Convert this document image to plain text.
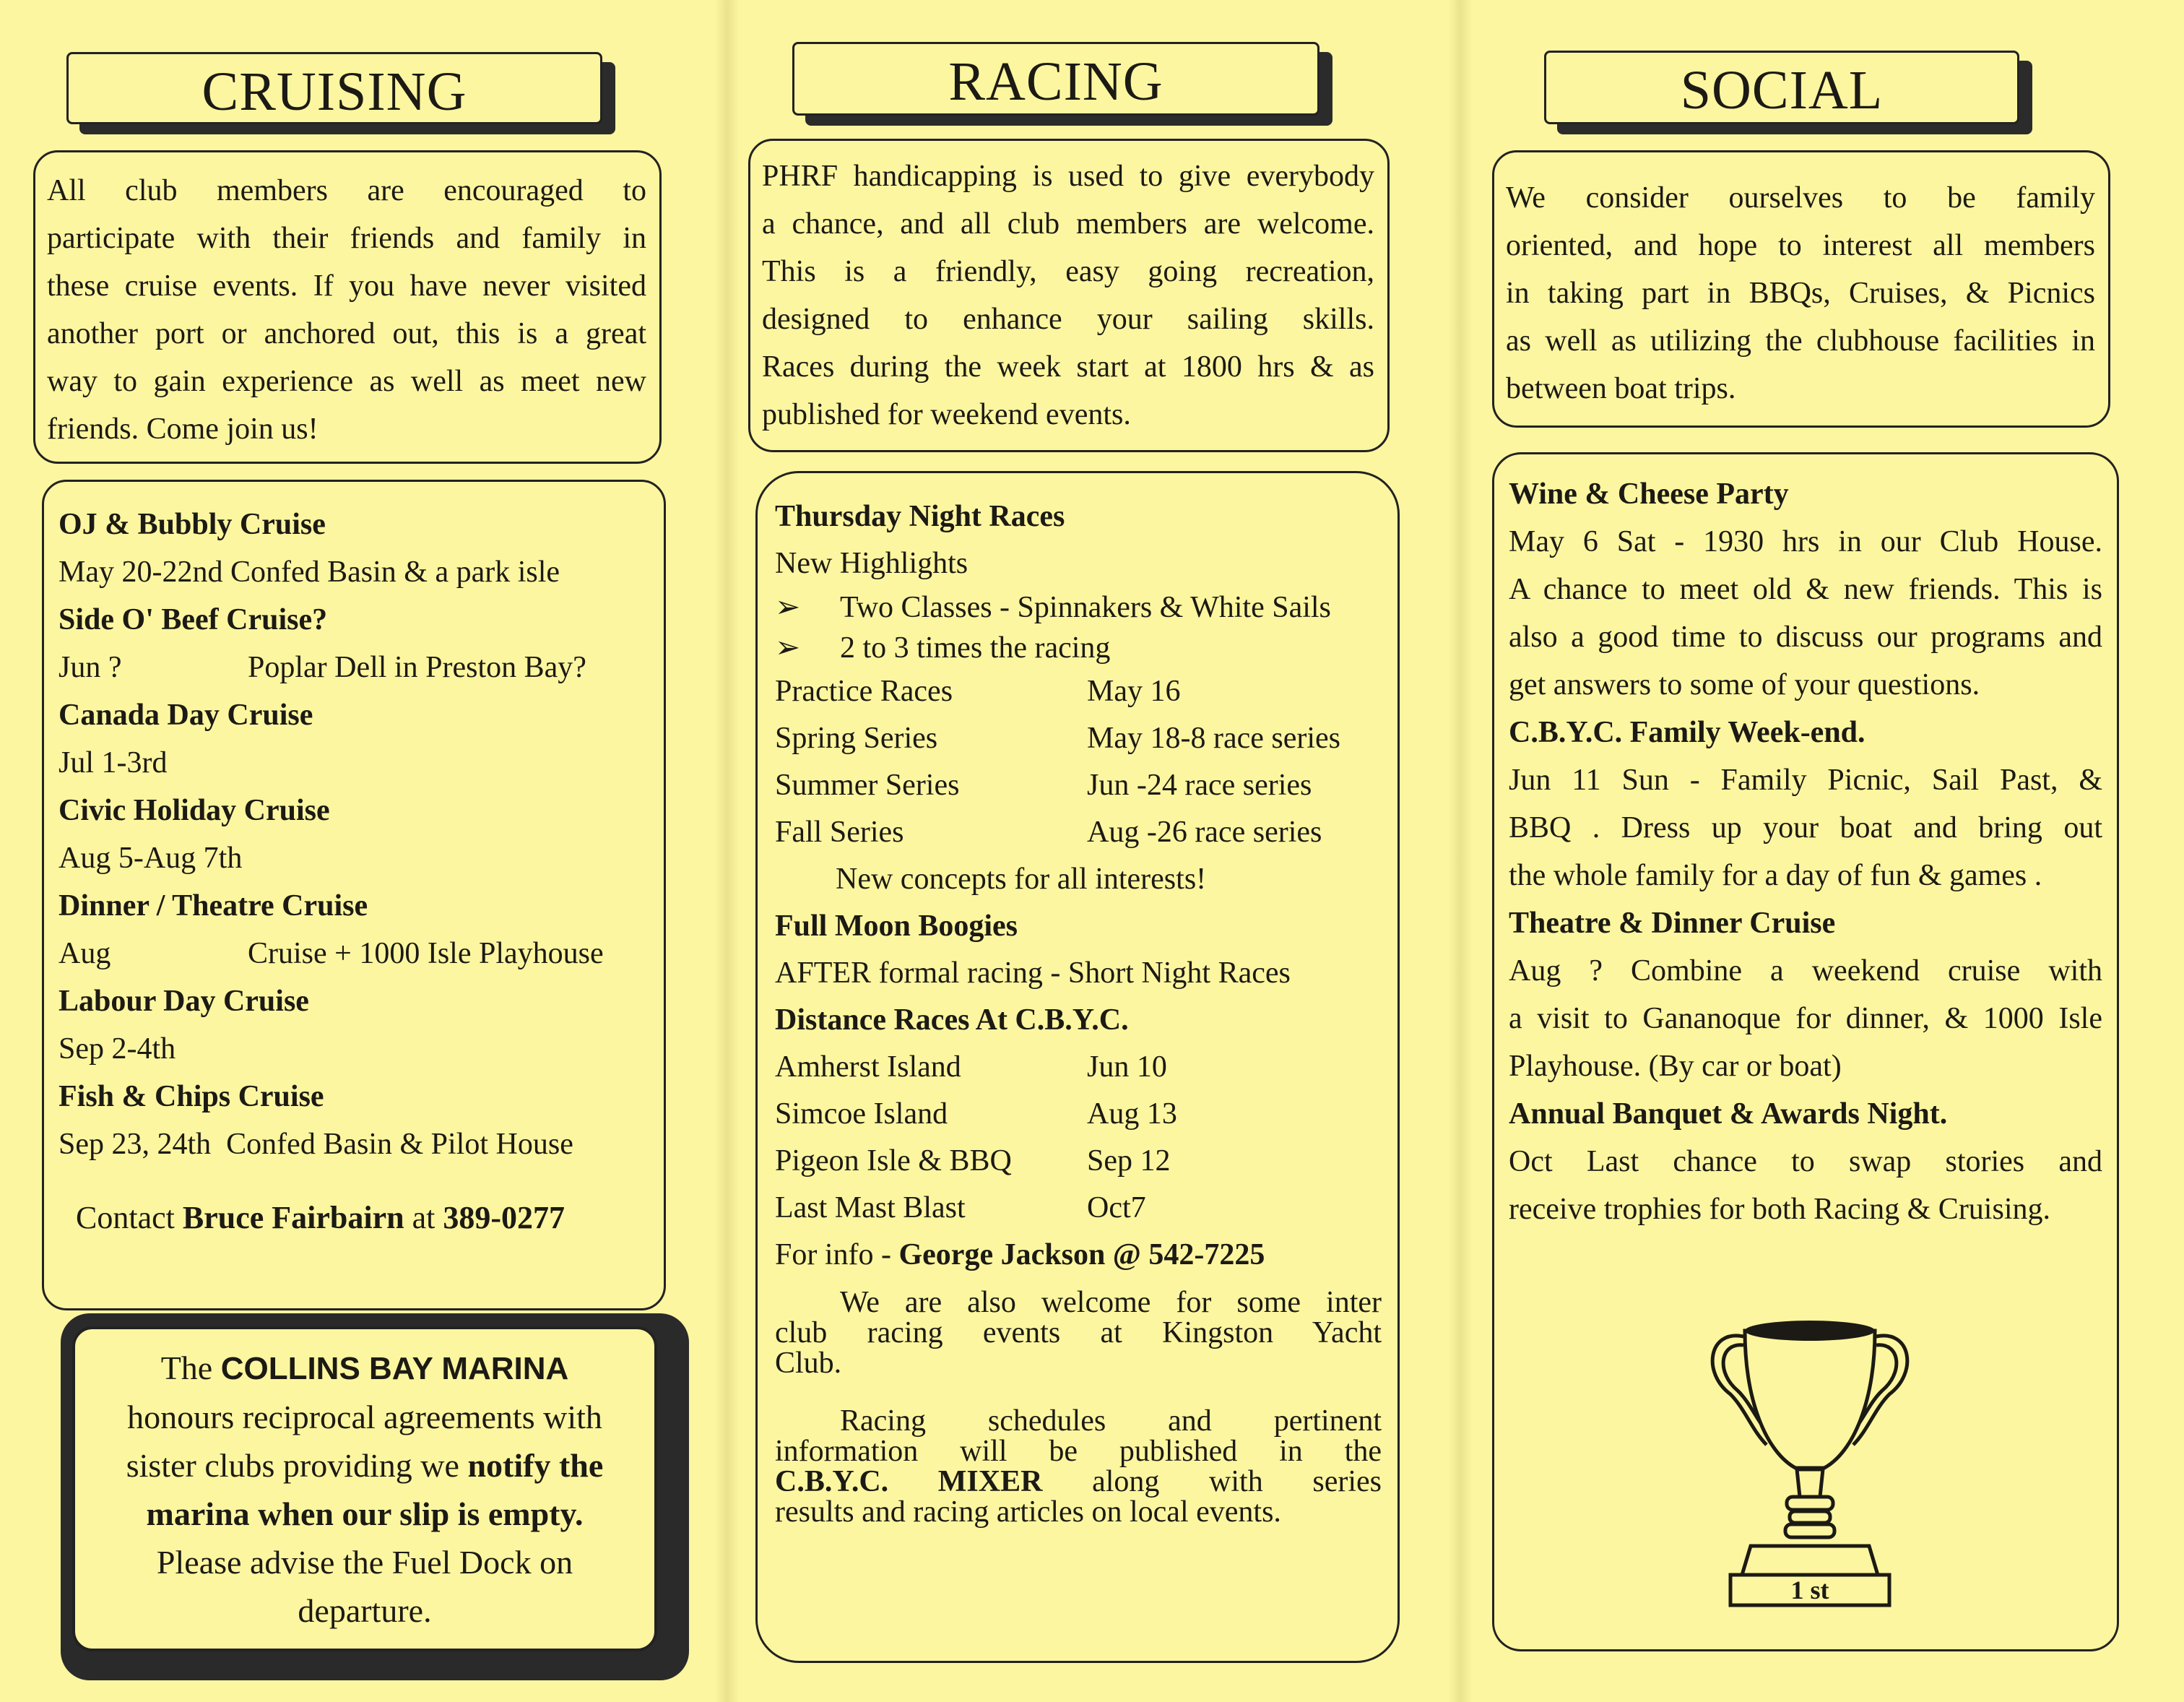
CRUISING
All club members are encouraged to
participate with their friends and family in
these cruise events. If you have never visited
another port or anchored out, this is a great
way to gain experience as well as meet new
friends. Come join us!
OJ & Bubbly Cruise
May 20-22nd
Confed Basin & a park isle
Side O' Beef Cruise?
Jun ?	Poplar Dell in Preston Bay?
Canada Day Cruise
Jul 1-3rd
Civic Holiday Cruise
Aug 5-Aug 7th
Dinner / Theatre Cruise
Aug	Cruise + 1000 Isle Playhouse
Labour Day Cruise
Sep 2-4th
Fish & Chips Cruise
Sep 23, 24th
Confed Basin & Pilot House
Contact Bruce Fairbairn at 389-0277
The COLLINS BAY MARINA
honours reciprocal agreements with
sister clubs providing we notify the
marina when our slip is empty.
Please advise the Fuel Dock on
departure.
RACING
PHRF handicapping is used to give everybody
a chance, and all club members are welcome.
This is a friendly, easy going recreation,
designed to enhance your sailing skills.
Races during the week start at 1800 hrs & as
published for weekend events.
Thursday Night Races
New Highlights
➢	Two Classes - Spinnakers & White Sails
➢	2 to 3 times the racing
Practice Races	May 16
Spring Series	May 18-8 race series
Summer Series	Jun -24 race series
Fall Series	Aug -26 race series
New concepts for all interests!
Full Moon Boogies
AFTER formal racing - Short Night Races
Distance Races At C.B.Y.C.
Amherst Island	Jun 10
Simcoe Island	Aug 13
Pigeon Isle & BBQ	Sep 12
Last Mast Blast	Oct7
For info - George Jackson @ 542-7225
We are also welcome for some inter
club racing events at Kingston Yacht
Club.
Racing schedules and pertinent
information will be published in the
C.B.Y.C. MIXER along with series
results and racing articles on local events.
SOCIAL
We consider ourselves to be family
oriented, and hope to interest all members
in taking part in BBQs, Cruises, & Picnics
as well as utilizing the clubhouse facilities in
between boat trips.
Wine & Cheese Party
May 6 Sat - 1930 hrs in our Club House.
A chance to meet old & new friends. This is
also a good time to discuss our programs and
get answers to some of your questions.
C.B.Y.C. Family Week-end.
Jun 11 Sun - Family Picnic, Sail Past, &
BBQ . Dress up your boat and bring out
the whole family for a day of fun & games .
Theatre & Dinner Cruise
Aug ? Combine a weekend cruise with
a visit to Gananoque for dinner, & 1000 Isle
Playhouse. (By car or boat)
Annual Banquet & Awards Night.
Oct Last chance to swap stories and
receive trophies for both Racing & Cruising.
1 st
